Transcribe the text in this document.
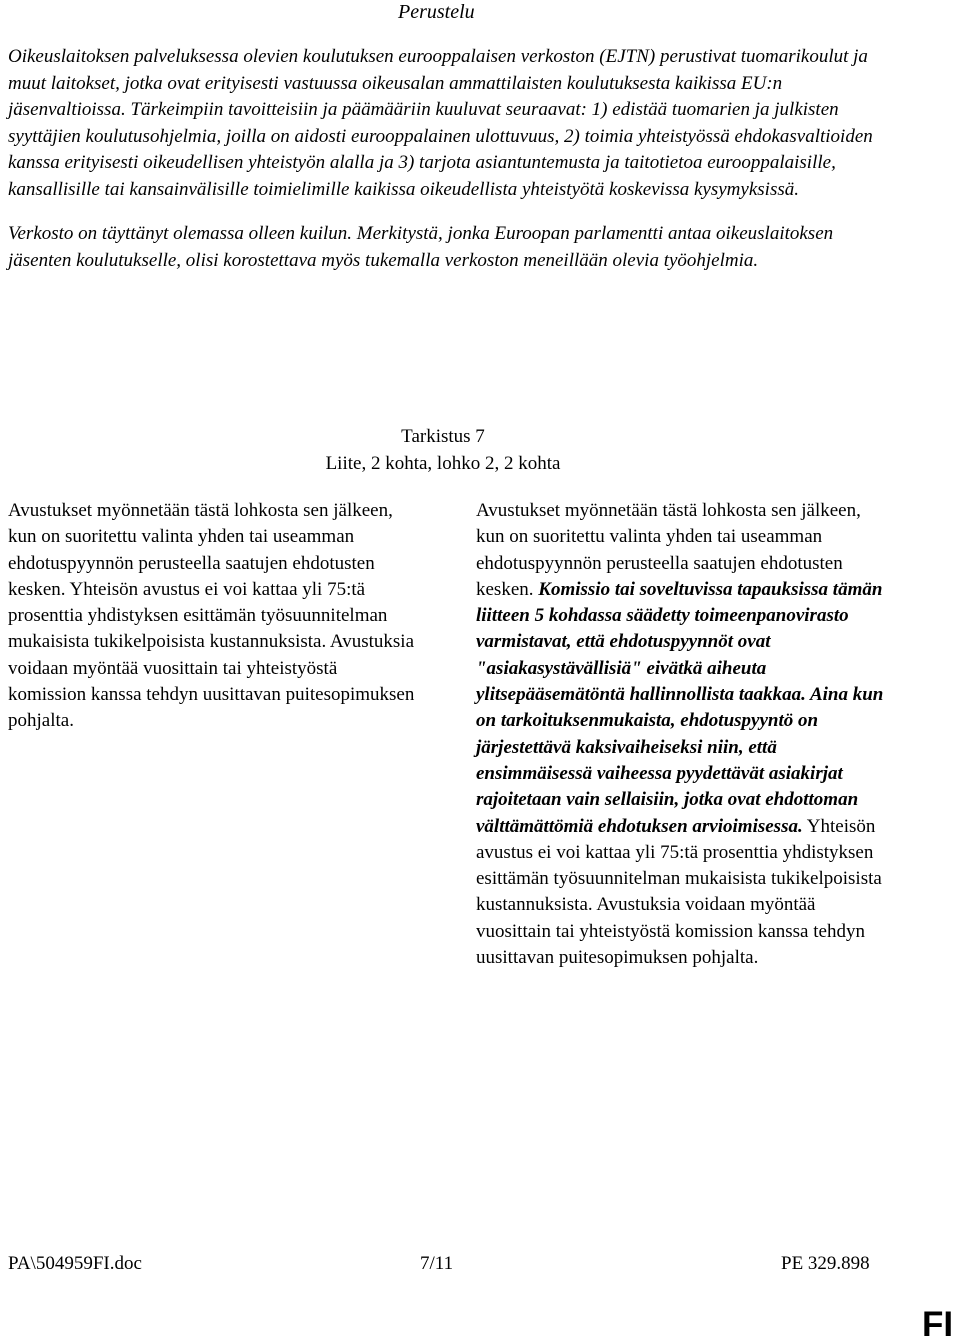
Perustelu

Oikeuslaitoksen palveluksessa olevien koulutuksen eurooppalaisen verkoston (EJTN) perustivat tuomarikoulut ja muut laitokset, jotka ovat erityisesti vastuussa oikeusalan ammattilaisten koulutuksesta kaikissa EU:n jäsenvaltioissa. Tärkeimpiin tavoitteisiin ja päämääriin kuuluvat seuraavat: 1) edistää tuomarien ja julkisten syyttäjien koulutusohjelmia, joilla on aidosti eurooppalainen ulottuvuus, 2) toimia yhteistyössä ehdokasvaltioiden kanssa erityisesti oikeudellisen yhteistyön alalla ja 3) tarjota asiantuntemusta ja taitotietoa eurooppalaisille, kansallisille tai kansainvälisille toimielimille kaikissa oikeudellista yhteistyötä koskevissa kysymyksissä.

Verkosto on täyttänyt olemassa olleen kuilun. Merkitystä, jonka Euroopan parlamentti antaa oikeuslaitoksen jäsenten koulutukselle, olisi korostettava myös tukemalla verkoston meneillään olevia työohjelmia.

Tarkistus 7
Liite, 2 kohta, lohko 2, 2 kohta
Avustukset myönnetään tästä lohkosta sen jälkeen, kun on suoritettu valinta yhden tai useamman ehdotuspyynnön perusteella saatujen ehdotusten kesken. Yhteisön avustus ei voi kattaa yli 75:tä prosenttia yhdistyksen esittämän työsuunnitelman mukaisista tukikelpoisista kustannuksista. Avustuksia voidaan myöntää vuosittain tai yhteistyöstä komission kanssa tehdyn uusittavan puitesopimuksen pohjalta.
Avustukset myönnetään tästä lohkosta sen jälkeen, kun on suoritettu valinta yhden tai useamman ehdotuspyynnön perusteella saatujen ehdotusten kesken. Komissio tai soveltuvissa tapauksissa tämän liitteen 5 kohdassa säädetty toimeenpanovirasto varmistavat, että ehdotuspyynnöt ovat "asiakasystävällisiä" eivätkä aiheuta ylitsepääsemätöntä hallinnollista taakkaa. Aina kun on tarkoituksenmukaista, ehdotuspyyntö on järjestettävä kaksivaiheiseksi niin, että ensimmäisessä vaiheessa pyydettävät asiakirjat rajoitetaan vain sellaisiin, jotka ovat ehdottoman välttämättömiä ehdotuksen arvioimisessa. Yhteisön avustus ei voi kattaa yli 75:tä prosenttia yhdistyksen esittämän työsuunnitelman mukaisista tukikelpoisista kustannuksista. Avustuksia voidaan myöntää vuosittain tai yhteistyöstä komission kanssa tehdyn uusittavan puitesopimuksen pohjalta.
PA\504959FI.doc	7/11	PE 329.898
FI
